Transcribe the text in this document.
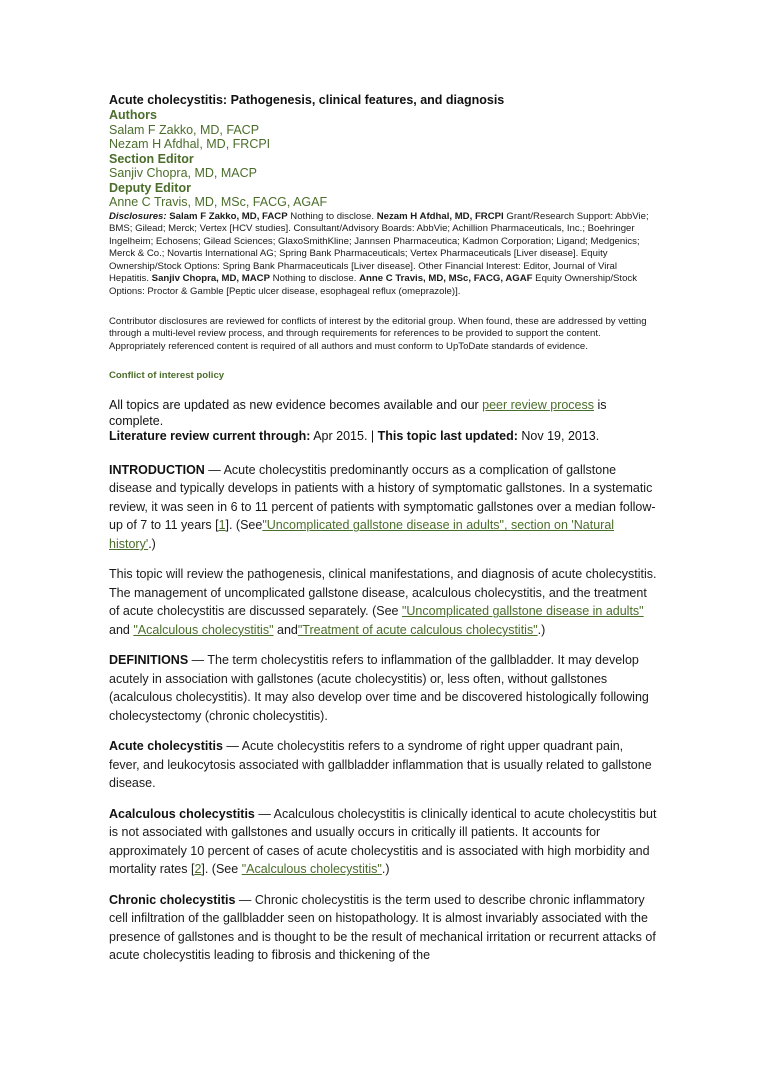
Acute cholecystitis: Pathogenesis, clinical features, and diagnosis
Authors
Salam F Zakko, MD, FACP
Nezam H Afdhal, MD, FRCPI
Section Editor
Sanjiv Chopra, MD, MACP
Deputy Editor
Anne C Travis, MD, MSc, FACG, AGAF
Disclosures: Salam F Zakko, MD, FACP Nothing to disclose. Nezam H Afdhal, MD, FRCPI Grant/Research Support: AbbVie; BMS; Gilead; Merck; Vertex [HCV studies]. Consultant/Advisory Boards: AbbVie; Achillion Pharmaceuticals, Inc.; Boehringer Ingelheim; Echosens; Gilead Sciences; GlaxoSmithKline; Jannsen Pharmaceutica; Kadmon Corporation; Ligand; Medgenics; Merck & Co.; Novartis International AG; Spring Bank Pharmaceuticals; Vertex Pharmaceuticals [Liver disease]. Equity Ownership/Stock Options: Spring Bank Pharmaceuticals [Liver disease]. Other Financial Interest: Editor, Journal of Viral Hepatitis. Sanjiv Chopra, MD, MACP Nothing to disclose. Anne C Travis, MD, MSc, FACG, AGAF Equity Ownership/Stock Options: Proctor & Gamble [Peptic ulcer disease, esophageal reflux (omeprazole)].
Contributor disclosures are reviewed for conflicts of interest by the editorial group. When found, these are addressed by vetting through a multi-level review process, and through requirements for references to be provided to support the content. Appropriately referenced content is required of all authors and must conform to UpToDate standards of evidence.
Conflict of interest policy
All topics are updated as new evidence becomes available and our peer review process is complete.
Literature review current through: Apr 2015. | This topic last updated: Nov 19, 2013.
INTRODUCTION — Acute cholecystitis predominantly occurs as a complication of gallstone disease and typically develops in patients with a history of symptomatic gallstones. In a systematic review, it was seen in 6 to 11 percent of patients with symptomatic gallstones over a median follow-up of 7 to 11 years [1]. (See"Uncomplicated gallstone disease in adults", section on 'Natural history'.)
This topic will review the pathogenesis, clinical manifestations, and diagnosis of acute cholecystitis. The management of uncomplicated gallstone disease, acalculous cholecystitis, and the treatment of acute cholecystitis are discussed separately. (See "Uncomplicated gallstone disease in adults" and "Acalculous cholecystitis" and"Treatment of acute calculous cholecystitis".)
DEFINITIONS — The term cholecystitis refers to inflammation of the gallbladder. It may develop acutely in association with gallstones (acute cholecystitis) or, less often, without gallstones (acalculous cholecystitis). It may also develop over time and be discovered histologically following cholecystectomy (chronic cholecystitis).
Acute cholecystitis — Acute cholecystitis refers to a syndrome of right upper quadrant pain, fever, and leukocytosis associated with gallbladder inflammation that is usually related to gallstone disease.
Acalculous cholecystitis — Acalculous cholecystitis is clinically identical to acute cholecystitis but is not associated with gallstones and usually occurs in critically ill patients. It accounts for approximately 10 percent of cases of acute cholecystitis and is associated with high morbidity and mortality rates [2]. (See "Acalculous cholecystitis".)
Chronic cholecystitis — Chronic cholecystitis is the term used to describe chronic inflammatory cell infiltration of the gallbladder seen on histopathology. It is almost invariably associated with the presence of gallstones and is thought to be the result of mechanical irritation or recurrent attacks of acute cholecystitis leading to fibrosis and thickening of the
